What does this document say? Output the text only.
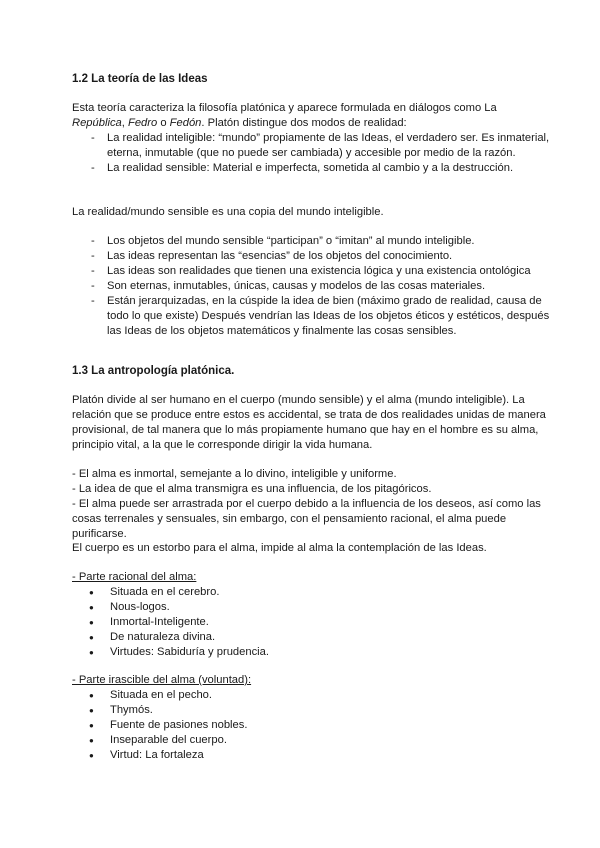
1.2 La teoría de las Ideas

Esta teoría caracteriza la filosofía platónica y aparece formulada en diálogos como La República, Fedro o Fedón. Platón distingue dos modos de realidad:

- La realidad inteligible: “mundo” propiamente de las Ideas, el verdadero ser. Es inmaterial, eterna, inmutable (que no puede ser cambiada) y accesible por medio de la razón.
- La realidad sensible: Material e imperfecta, sometida al cambio y a la destrucción.

La realidad/mundo sensible es una copia del mundo inteligible.

- Los objetos del mundo sensible “participan” o “imitan” al mundo inteligible.
- Las ideas representan las “esencias” de los objetos del conocimiento.
- Las ideas son realidades que tienen una existencia lógica y una existencia ontológica
- Son eternas, inmutables, únicas, causas y modelos de las cosas materiales.
- Están jerarquizadas, en la cúspide la idea de bien (máximo grado de realidad, causa de todo lo que existe) Después vendrían las Ideas de los objetos éticos y estéticos, después las Ideas de los objetos matemáticos y finalmente las cosas sensibles.
1.3 La antropología platónica.

Platón divide al ser humano en el cuerpo (mundo sensible) y el alma (mundo inteligible). La relación que se produce entre estos es accidental, se trata de dos realidades unidas de manera provisional, de tal manera que lo más propiamente humano que hay en el hombre es su alma, principio vital, a la que le corresponde dirigir la vida humana.

- El alma es inmortal, semejante a lo divino, inteligible y uniforme.

- La idea de que el alma transmigra es una influencia, de los pitagóricos.

- El alma puede ser arrastrada por el cuerpo debido a la influencia de los deseos, así como las cosas terrenales y sensuales, sin embargo, con el pensamiento racional, el alma puede purificarse.

El cuerpo es un estorbo para el alma, impide al alma la contemplación de las Ideas.

- Parte racional del alma:

● Situada en el cerebro.
● Nous-logos.
● Inmortal-Inteligente.
● De naturaleza divina.
● Virtudes: Sabiduría y prudencia.

- Parte irascible del alma (voluntad):

● Situada en el pecho.
● Thymós.
● Fuente de pasiones nobles.
● Inseparable del cuerpo.
● Virtud: La fortaleza
